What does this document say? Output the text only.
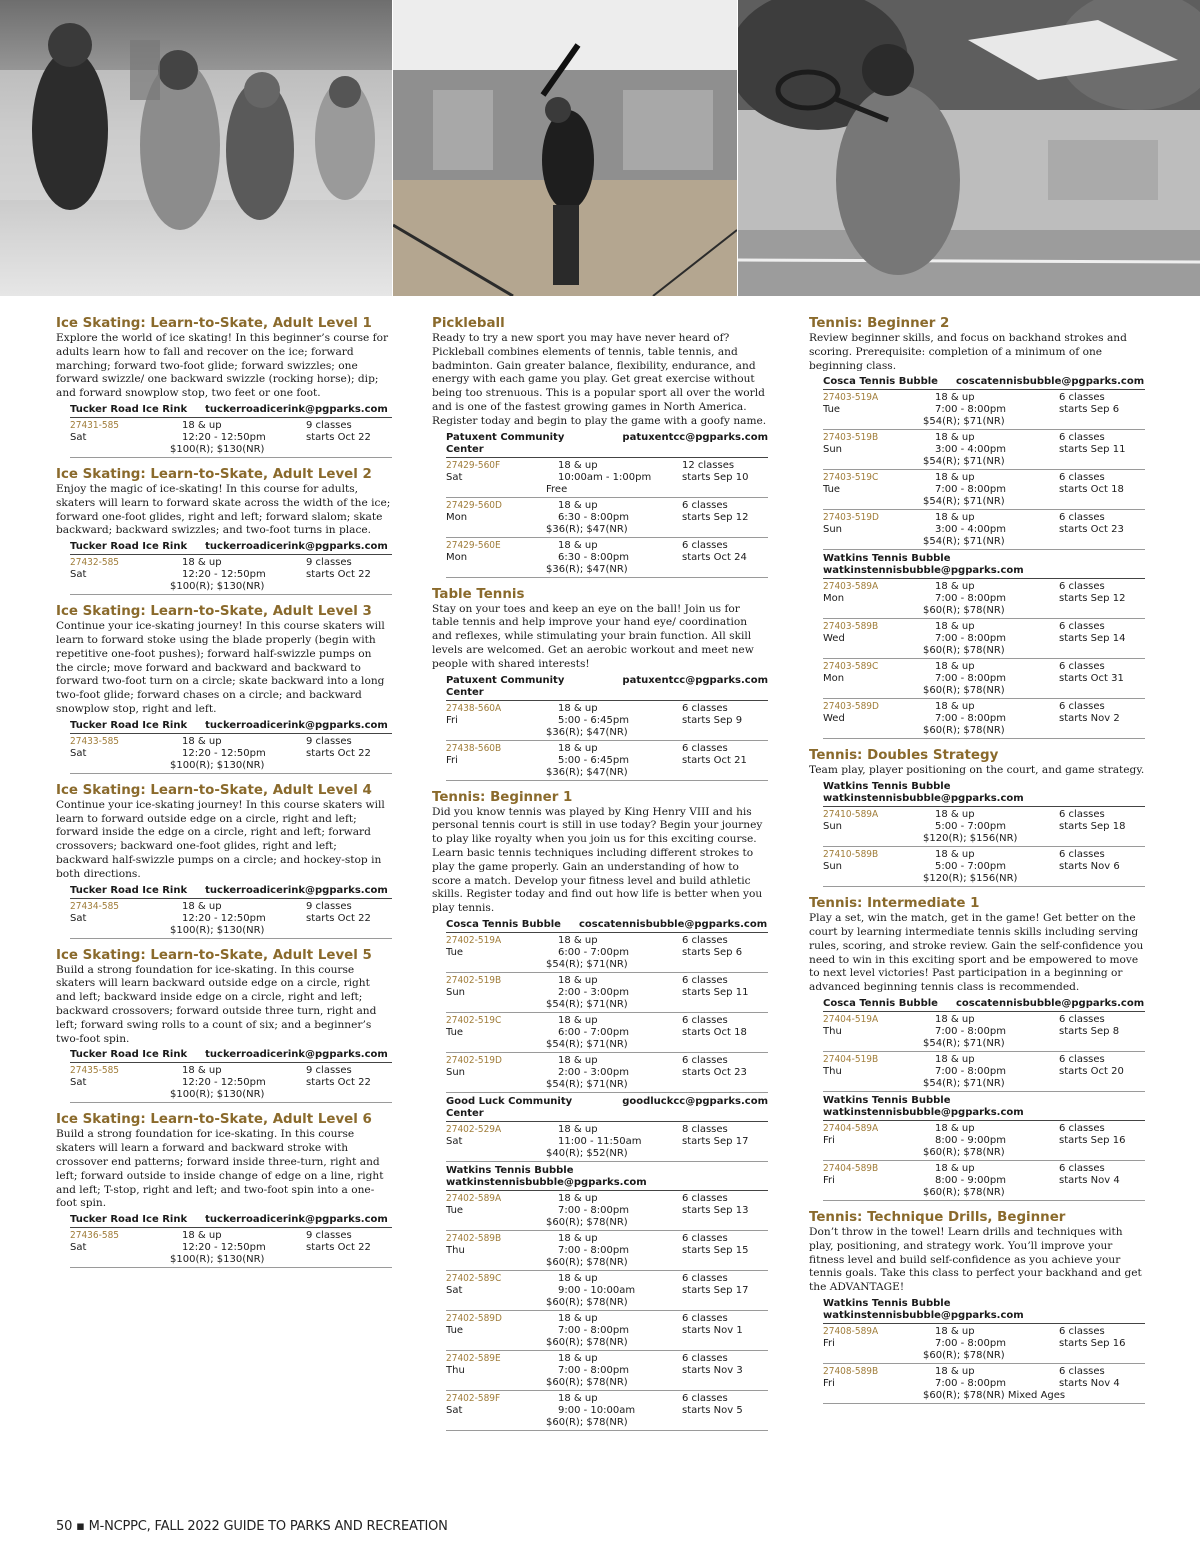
Ice Skating: Learn-to-Skate, Adult Level 1
Explore the world of ice skating! In this beginner’s course for adults learn how to fall and recover on the ice; forward marching; forward two-foot glide; forward swizzles; one forward swizzle/ one backward swizzle (rocking horse); dip; and forward snowplow stop, two feet or one foot.
Tucker Road Ice Rink tuckerroadicerink@pgparks.com
27431-585	18 & up	9 classes
Sat	12:20 - 12:50pm	starts Oct 22
$100(R); $130(NR)
Ice Skating: Learn-to-Skate, Adult Level 2
Enjoy the magic of ice-skating! In this course for adults, skaters will learn to forward skate across the width of the ice; forward one-foot glides, right and left; forward slalom; skate backward; backward swizzles; and two-foot turns in place.
Tucker Road Ice Rink tuckerroadicerink@pgparks.com
27432-585	18 & up	9 classes
Sat	12:20 - 12:50pm	starts Oct 22
$100(R); $130(NR)
Ice Skating: Learn-to-Skate, Adult Level 3
Continue your ice-skating journey! In this course skaters will learn to forward stoke using the blade properly (begin with repetitive one-foot pushes); forward half-swizzle pumps on the circle; move forward and backward and backward to forward two-foot turn on a circle; skate backward into a long two-foot glide; forward chases on a circle; and backward snowplow stop, right and left.
Tucker Road Ice Rink tuckerroadicerink@pgparks.com
27433-585	18 & up	9 classes
Sat	12:20 - 12:50pm	starts Oct 22
$100(R); $130(NR)
Ice Skating: Learn-to-Skate, Adult Level 4
Continue your ice-skating journey! In this course skaters will learn to forward outside edge on a circle, right and left; forward inside the edge on a circle, right and left; forward crossovers; backward one-foot glides, right and left; backward half-swizzle pumps on a circle; and hockey-stop in both directions.
Tucker Road Ice Rink tuckerroadicerink@pgparks.com
27434-585	18 & up	9 classes
Sat	12:20 - 12:50pm	starts Oct 22
$100(R); $130(NR)
Ice Skating: Learn-to-Skate, Adult Level 5
Build a strong foundation for ice-skating. In this course skaters will learn backward outside edge on a circle, right and left; backward inside edge on a circle, right and left; backward crossovers; forward outside three turn, right and left; forward swing rolls to a count of six; and a beginner’s two-foot spin.
Tucker Road Ice Rink tuckerroadicerink@pgparks.com
27435-585	18 & up	9 classes
Sat	12:20 - 12:50pm	starts Oct 22
$100(R); $130(NR)
Ice Skating: Learn-to-Skate, Adult Level 6
Build a strong foundation for ice-skating. In this course skaters will learn a forward and backward stroke with crossover end patterns; forward inside three-turn, right and left; forward outside to inside change of edge on a line, right and left; T-stop, right and left; and two-foot spin into a one-foot spin.
Tucker Road Ice Rink tuckerroadicerink@pgparks.com
27436-585	18 & up	9 classes
Sat	12:20 - 12:50pm	starts Oct 22
$100(R); $130(NR)
Pickleball
Ready to try a new sport you may have never heard of? Pickleball combines elements of tennis, table tennis, and badminton. Gain greater balance, flexibility, endurance, and energy with each game you play. Get great exercise without being too strenuous. This is a popular sport all over the world and is one of the fastest growing games in North America. Register today and begin to play the game with a goofy name.
Patuxent Community Center
patuxentcc@pgparks.com
27429-560F	18 & up	12 classes
Sat	10:00am - 1:00pm	starts Sep 10
Free
27429-560D	18 & up	6 classes
Mon	6:30 - 8:00pm	starts Sep 12
$36(R); $47(NR)
27429-560E	18 & up	6 classes
Mon	6:30 - 8:00pm	starts Oct 24
$36(R); $47(NR)
Table Tennis
Stay on your toes and keep an eye on the ball! Join us for table tennis and help improve your hand eye/ coordination and reflexes, while stimulating your brain function. All skill levels are welcomed. Get an aerobic workout and meet new people with shared interests!
Patuxent Community Center
patuxentcc@pgparks.com
27438-560A	18 & up	6 classes
Fri	5:00 - 6:45pm	starts Sep 9
$36(R); $47(NR)
27438-560B	18 & up	6 classes
Fri	5:00 - 6:45pm	starts Oct 21
$36(R); $47(NR)
Tennis: Beginner 1
Did you know tennis was played by King Henry VIII and his personal tennis court is still in use today? Begin your journey to play like royalty when you join us for this exciting course. Learn basic tennis techniques including different strokes to play the game properly. Gain an understanding of how to score a match. Develop your fitness level and build athletic skills. Register today and find out how life is better when you play tennis.
Cosca Tennis Bubble coscatennisbubble@pgparks.com
27402-519A	18 & up	6 classes
Tue	6:00 - 7:00pm	starts Sep 6
$54(R); $71(NR)
27402-519B	18 & up	6 classes
Sun	2:00 - 3:00pm	starts Sep 11
$54(R); $71(NR)
27402-519C	18 & up	6 classes
Tue	6:00 - 7:00pm	starts Oct 18
$54(R); $71(NR)
27402-519D	18 & up	6 classes
Sun	2:00 - 3:00pm	starts Oct 23
$54(R); $71(NR)
Good Luck Community Center
goodluckcc@pgparks.com
27402-529A	18 & up	8 classes
Sat	11:00 - 11:50am	starts Sep 17
$40(R); $52(NR)
Watkins Tennis Bubble
watkinstennisbubble@pgparks.com
27402-589A	18 & up	6 classes
Tue	7:00 - 8:00pm	starts Sep 13
$60(R); $78(NR)
27402-589B	18 & up	6 classes
Thu	7:00 - 8:00pm	starts Sep 15
$60(R); $78(NR)
27402-589C	18 & up	6 classes
Sat	9:00 - 10:00am	starts Sep 17
$60(R); $78(NR)
27402-589D	18 & up	6 classes
Tue	7:00 - 8:00pm	starts Nov 1
$60(R); $78(NR)
27402-589E	18 & up	6 classes
Thu	7:00 - 8:00pm	starts Nov 3
$60(R); $78(NR)
27402-589F	18 & up	6 classes
Sat	9:00 - 10:00am	starts Nov 5
$60(R); $78(NR)
Tennis: Beginner 2
Review beginner skills, and focus on backhand strokes and scoring. Prerequisite: completion of a minimum of one beginning class.
Cosca Tennis Bubble coscatennisbubble@pgparks.com
27403-519A	18 & up	6 classes
Tue	7:00 - 8:00pm	starts Sep 6
$54(R); $71(NR)
27403-519B	18 & up	6 classes
Sun	3:00 - 4:00pm	starts Sep 11
$54(R); $71(NR)
27403-519C	18 & up	6 classes
Tue	7:00 - 8:00pm	starts Oct 18
$54(R); $71(NR)
27403-519D	18 & up	6 classes
Sun	3:00 - 4:00pm	starts Oct 23
$54(R); $71(NR)
Watkins Tennis Bubble
watkinstennisbubble@pgparks.com
27403-589A	18 & up	6 classes
Mon	7:00 - 8:00pm	starts Sep 12
$60(R); $78(NR)
27403-589B	18 & up	6 classes
Wed	7:00 - 8:00pm	starts Sep 14
$60(R); $78(NR)
27403-589C	18 & up	6 classes
Mon	7:00 - 8:00pm	starts Oct 31
$60(R); $78(NR)
27403-589D	18 & up	6 classes
Wed	7:00 - 8:00pm	starts Nov 2
$60(R); $78(NR)
Tennis: Doubles Strategy
Team play, player positioning on the court, and game strategy.
Watkins Tennis Bubble
watkinstennisbubble@pgparks.com
27410-589A	18 & up	6 classes
Sun	5:00 - 7:00pm	starts Sep 18
$120(R); $156(NR)
27410-589B	18 & up	6 classes
Sun	5:00 - 7:00pm	starts Nov 6
$120(R); $156(NR)
Tennis: Intermediate 1
Play a set, win the match, get in the game! Get better on the court by learning intermediate tennis skills including serving rules, scoring, and stroke review. Gain the self-confidence you need to win in this exciting sport and be empowered to move to next level victories! Past participation in a beginning or advanced beginning tennis class is recommended.
Cosca Tennis Bubble coscatennisbubble@pgparks.com
27404-519A	18 & up	6 classes
Thu	7:00 - 8:00pm	starts Sep 8
$54(R); $71(NR)
27404-519B	18 & up	6 classes
Thu	7:00 - 8:00pm	starts Oct 20
$54(R); $71(NR)
Watkins Tennis Bubble
watkinstennisbubble@pgparks.com
27404-589A	18 & up	6 classes
Fri	8:00 - 9:00pm	starts Sep 16
$60(R); $78(NR)
27404-589B	18 & up	6 classes
Fri	8:00 - 9:00pm	starts Nov 4
$60(R); $78(NR)
Tennis: Technique Drills, Beginner
Don’t throw in the towel! Learn drills and techniques with play, positioning, and strategy work. You’ll improve your fitness level and build self-confidence as you achieve your tennis goals. Take this class to perfect your backhand and get the ADVANTAGE!
Watkins Tennis Bubble
watkinstennisbubble@pgparks.com
27408-589A	18 & up	6 classes
Fri	7:00 - 8:00pm	starts Sep 16
$60(R); $78(NR)
27408-589B	18 & up	6 classes
Fri	7:00 - 8:00pm	starts Nov 4
$60(R); $78(NR) Mixed Ages
50 ▪ M-NCPPC, FALL 2022 GUIDE TO PARKS AND RECREATION
